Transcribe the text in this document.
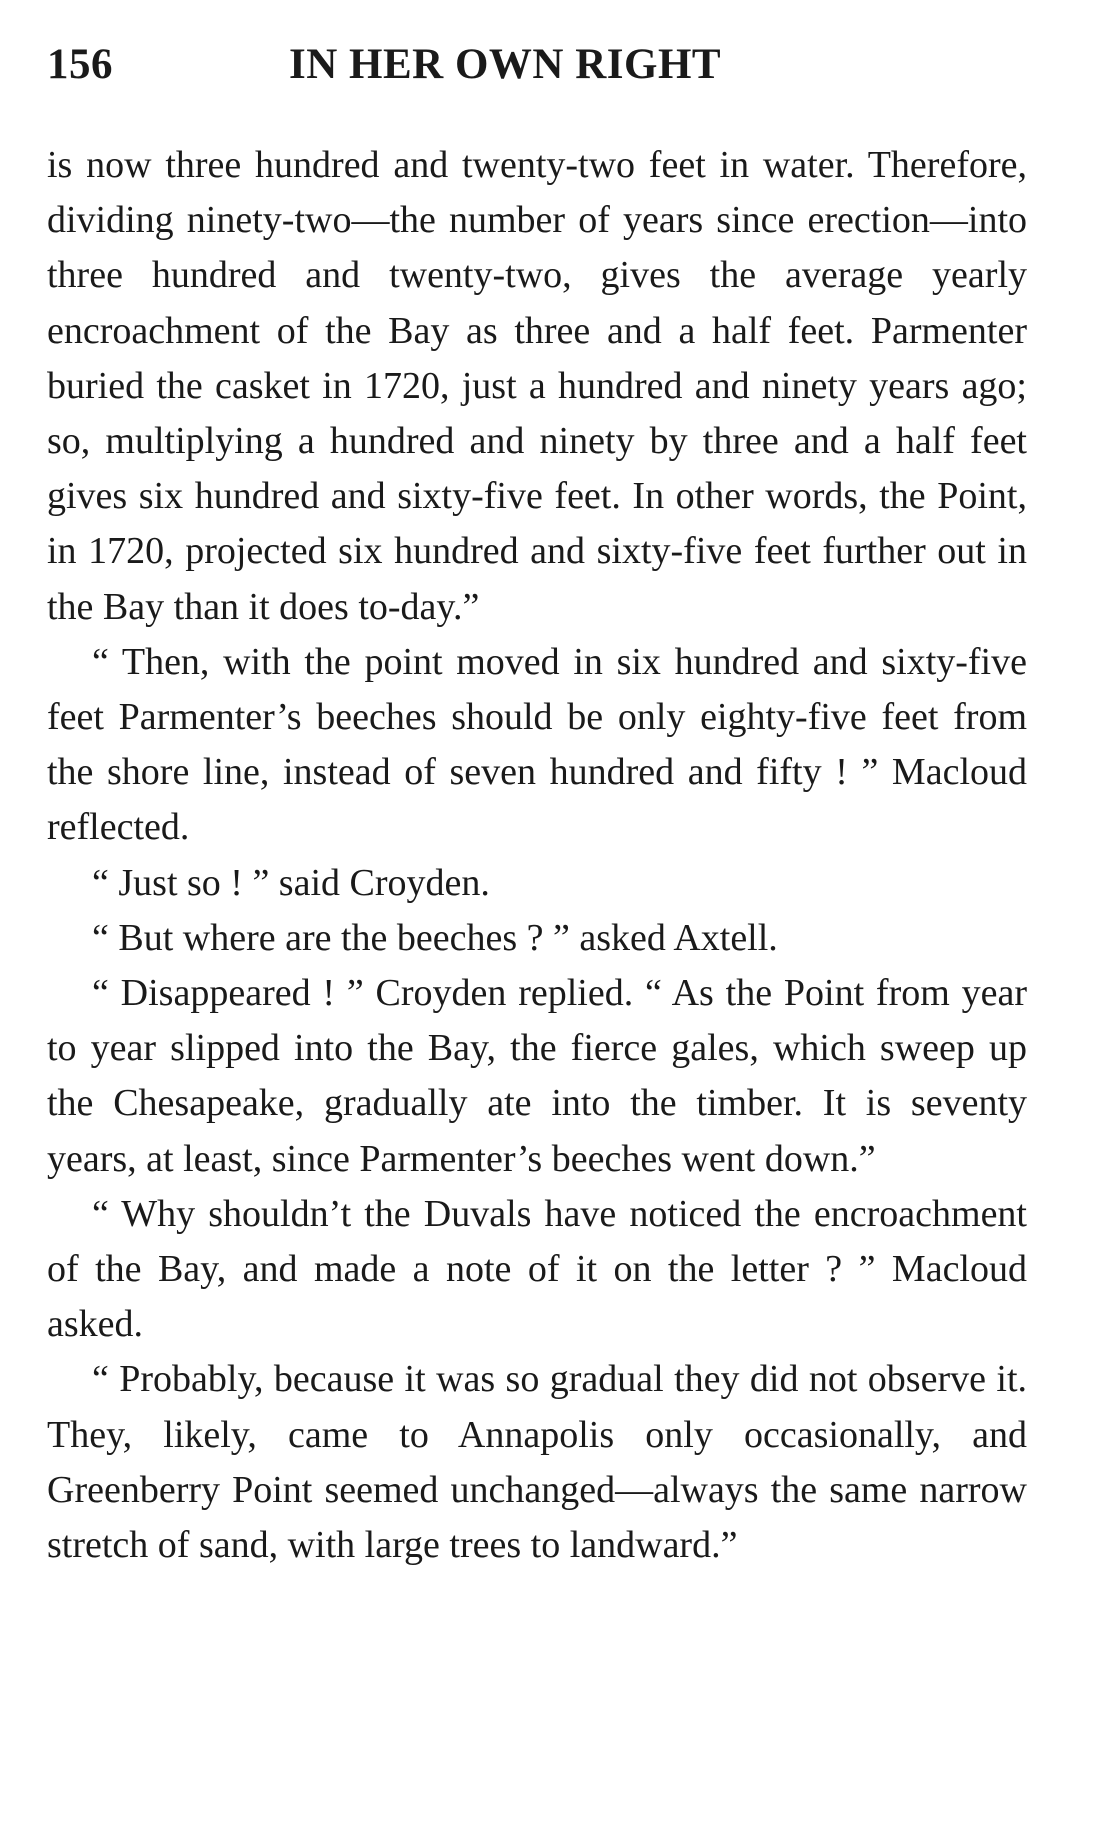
156	IN HER OWN RIGHT

is now three hundred and twenty-two feet in water. Therefore, dividing ninety-two—the number of years since erection—into three hundred and twenty-two, gives the average yearly encroachment of the Bay as three and a half feet. Parmenter buried the casket in 1720, just a hundred and ninety years ago; so, multiplying a hundred and ninety by three and a half feet gives six hundred and sixty-five feet. In other words, the Point, in 1720, projected six hundred and sixty-five feet further out in the Bay than it does to-day.”

“ Then, with the point moved in six hundred and sixty-five feet Parmenter’s beeches should be only eighty-five feet from the shore line, instead of seven hundred and fifty ! ” Macloud reflected.

“ Just so ! ” said Croyden.

“ But where are the beeches ? ” asked Axtell.

“ Disappeared ! ” Croyden replied. “ As the Point from year to year slipped into the Bay, the fierce gales, which sweep up the Chesapeake, gradually ate into the timber. It is seventy years, at least, since Parmenter’s beeches went down.”

“ Why shouldn’t the Duvals have noticed the encroachment of the Bay, and made a note of it on the letter ? ” Macloud asked.

“ Probably, because it was so gradual they did not observe it. They, likely, came to Annapolis only occasionally, and Greenberry Point seemed unchanged—always the same narrow stretch of sand, with large trees to landward.”
